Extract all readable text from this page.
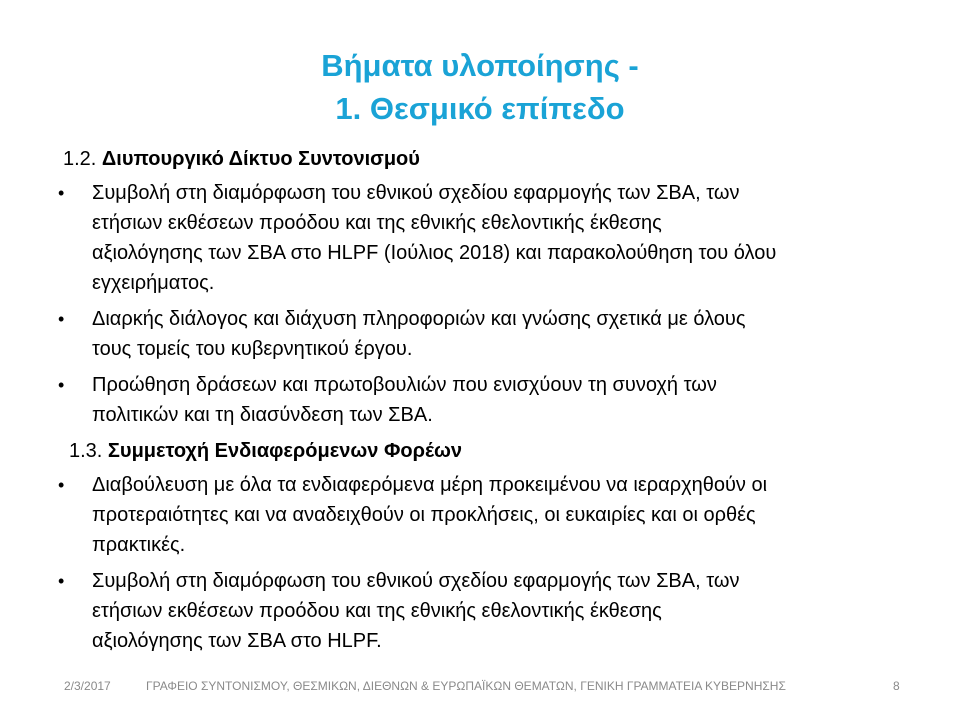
Βήματα υλοποίησης -
1. Θεσμικό επίπεδο
1.2. Διυπουργικό Δίκτυο Συντονισμού
• Συμβολή στη διαμόρφωση του εθνικού σχεδίου εφαρμογής των ΣΒΑ, των
ετήσιων εκθέσεων προόδου και της εθνικής εθελοντικής έκθεσης
αξιολόγησης των ΣΒΑ στο HLPF (Ιούλιος 2018) και παρακολούθηση του όλου
εγχειρήματος.
• Διαρκής διάλογος και διάχυση πληροφοριών και γνώσης σχετικά με όλους
τους τομείς του κυβερνητικού έργου.
• Προώθηση δράσεων και πρωτοβουλιών που ενισχύουν τη συνοχή των
πολιτικών και τη διασύνδεση των ΣΒΑ.
1.3. Συμμετοχή Ενδιαφερόμενων Φορέων
• Διαβούλευση με όλα τα ενδιαφερόμενα μέρη προκειμένου να ιεραρχηθούν οι
προτεραιότητες και να αναδειχθούν οι προκλήσεις, οι ευκαιρίες και οι ορθές
πρακτικές.
• Συμβολή στη διαμόρφωση του εθνικού σχεδίου εφαρμογής των ΣΒΑ, των
ετήσιων εκθέσεων προόδου και της εθνικής εθελοντικής έκθεσης
αξιολόγησης των ΣΒΑ στο HLPF.
2/3/2017	ΓΡΑΦΕΙΟ ΣΥΝΤΟΝΙΣΜΟΥ, ΘΕΣΜΙΚΩΝ, ΔΙΕΘΝΩΝ & ΕΥΡΩΠΑΪΚΩΝ ΘΕΜΑΤΩΝ, ΓΕΝΙΚΗ ΓΡΑΜΜΑΤΕΙΑ ΚΥΒΕΡΝΗΣΗΣ	8
